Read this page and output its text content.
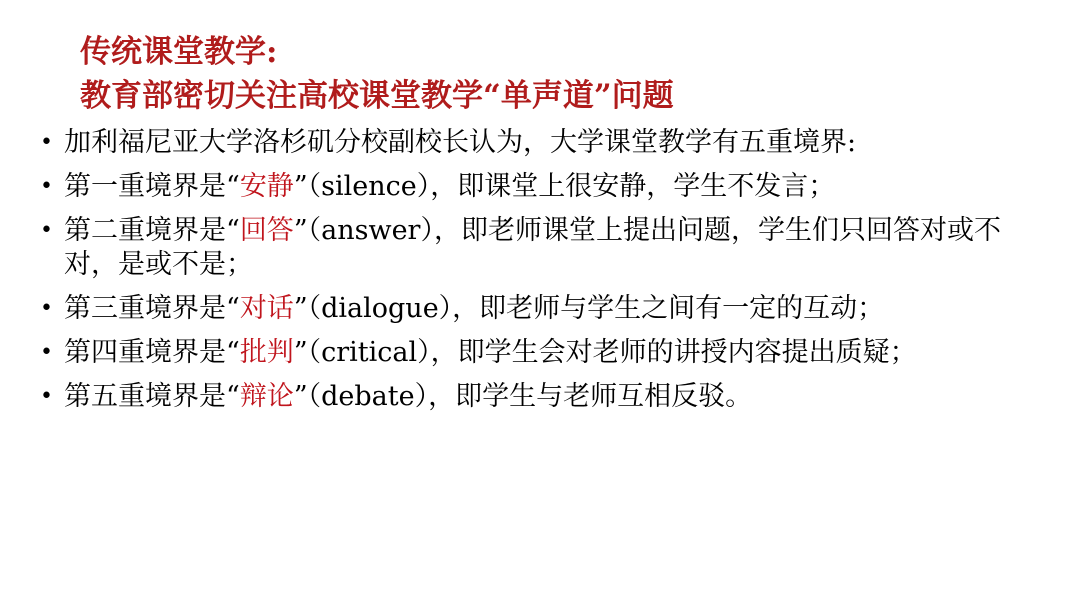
传统课堂教学:
教育部密切关注高校课堂教学“单声道”问题
• 加利福尼亚大学洛杉矶分校副校长认为，大学课堂教学有五重境界:
• 第一重境界是“安静”（silence），即课堂上很安静，学生不发言；
• 第二重境界是“回答”（answer），即老师课堂上提出问题，学生们只回答对或不对，是或不是；
• 第三重境界是“对话”（dialogue），即老师与学生之间有一定的互动；
• 第四重境界是“批判”（critical），即学生会对老师的讲授内容提出质疑；
• 第五重境界是“辩论”（debate），即学生与老师互相反驳。
